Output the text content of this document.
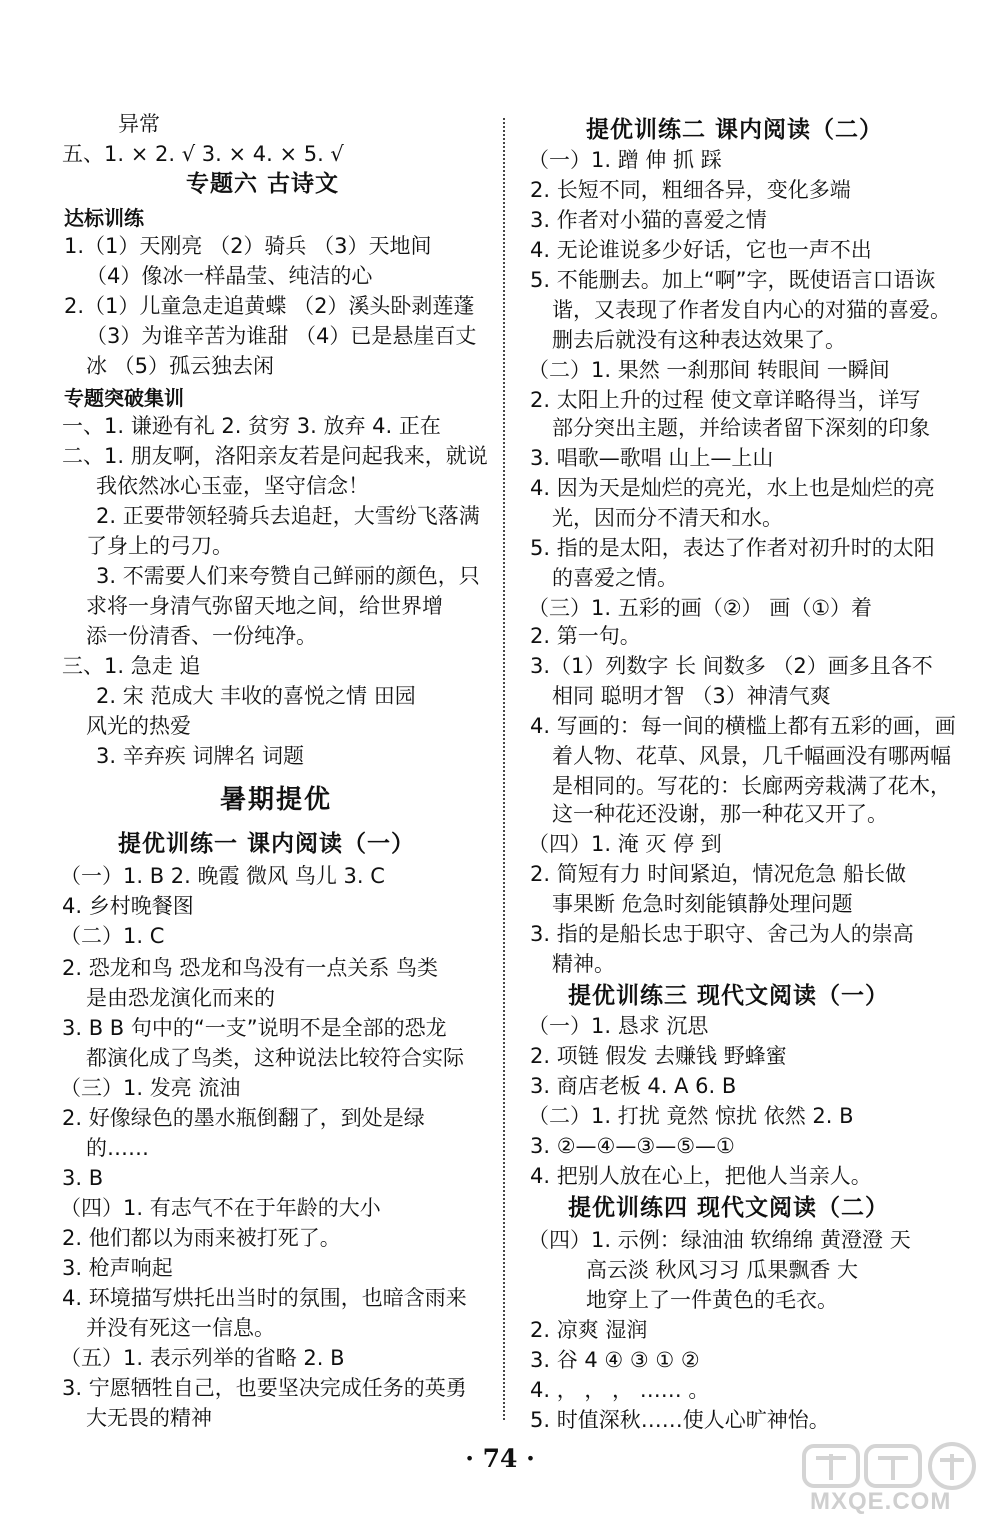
异常
五、1. × 2. √ 3. × 4. × 5. √
专题六 古诗文
达标训练
1.（1）天刚亮 （2）骑兵 （3）天地间
（4）像冰一样晶莹、纯洁的心
2.（1）儿童急走追黄蝶 （2）溪头卧剥莲蓬
（3）为谁辛苦为谁甜 （4）已是悬崖百丈
冰 （5）孤云独去闲
专题突破集训
一、1. 谦逊有礼 2. 贫穷 3. 放弃 4. 正在
二、1. 朋友啊，洛阳亲友若是问起我来，就说
我依然冰心玉壶，坚守信念！
2. 正要带领轻骑兵去追赶，大雪纷飞落满
了身上的弓刀。
3. 不需要人们来夸赞自己鲜丽的颜色，只
求将一身清气弥留天地之间，给世界增
添一份清香、一份纯净。
三、1. 急走 追
2. 宋 范成大 丰收的喜悦之情 田园
风光的热爱
3. 辛弃疾 词牌名 词题
暑期提优
提优训练一 课内阅读（一）
（一）1. B 2. 晚霞 微风 鸟儿 3. C
4. 乡村晚餐图
（二）1. C
2. 恐龙和鸟 恐龙和鸟没有一点关系 鸟类
是由恐龙演化而来的
3. B B 句中的“一支”说明不是全部的恐龙
都演化成了鸟类，这种说法比较符合实际
（三）1. 发亮 流油
2. 好像绿色的墨水瓶倒翻了，到处是绿
的……
3. B
（四）1. 有志气不在于年龄的大小
2. 他们都以为雨来被打死了。
3. 枪声响起
4. 环境描写烘托出当时的氛围，也暗含雨来
并没有死这一信息。
（五）1. 表示列举的省略 2. B
3. 宁愿牺牲自己，也要坚决完成任务的英勇
大无畏的精神
提优训练二 课内阅读（二）
（一）1. 蹭 伸 抓 踩
2. 长短不同，粗细各异，变化多端
3. 作者对小猫的喜爱之情
4. 无论谁说多少好话，它也一声不出
5. 不能删去。加上“啊”字，既使语言口语诙
谐，又表现了作者发自内心的对猫的喜爱。
删去后就没有这种表达效果了。
（二）1. 果然 一刹那间 转眼间 一瞬间
2. 太阳上升的过程 使文章详略得当，详写
部分突出主题，并给读者留下深刻的印象
3. 唱歌—歌唱 山上—上山
4. 因为天是灿烂的亮光，水上也是灿烂的亮
光，因而分不清天和水。
5. 指的是太阳，表达了作者对初升时的太阳
的喜爱之情。
（三）1. 五彩的画（②） 画（①）着
2. 第一句。
3.（1）列数字 长 间数多 （2）画多且各不
相同 聪明才智 （3）神清气爽
4. 写画的：每一间的横槛上都有五彩的画，画
着人物、花草、风景，几千幅画没有哪两幅
是相同的。写花的：长廊两旁栽满了花木，
这一种花还没谢，那一种花又开了。
（四）1. 淹 灭 停 到
2. 简短有力 时间紧迫，情况危急 船长做
事果断 危急时刻能镇静处理问题
3. 指的是船长忠于职守、舍己为人的崇高
精神。
提优训练三 现代文阅读（一）
（一）1. 恳求 沉思
2. 项链 假发 去赚钱 野蜂蜜
3. 商店老板 4. A 6. B
（二）1. 打扰 竟然 惊扰 依然 2. B
3. ②—④—③—⑤—①
4. 把别人放在心上，把他人当亲人。
提优训练四 现代文阅读（二）
（四）1. 示例：绿油油 软绵绵 黄澄澄 天
高云淡 秋风习习 瓜果飘香 大
地穿上了一件黄色的毛衣。
2. 凉爽 湿润
3. 谷 4 ④ ③ ① ②
4. ， ， ， …… 。
5. 时值深秋……使人心旷神怡。
· 74 ·
MXQE.COM
